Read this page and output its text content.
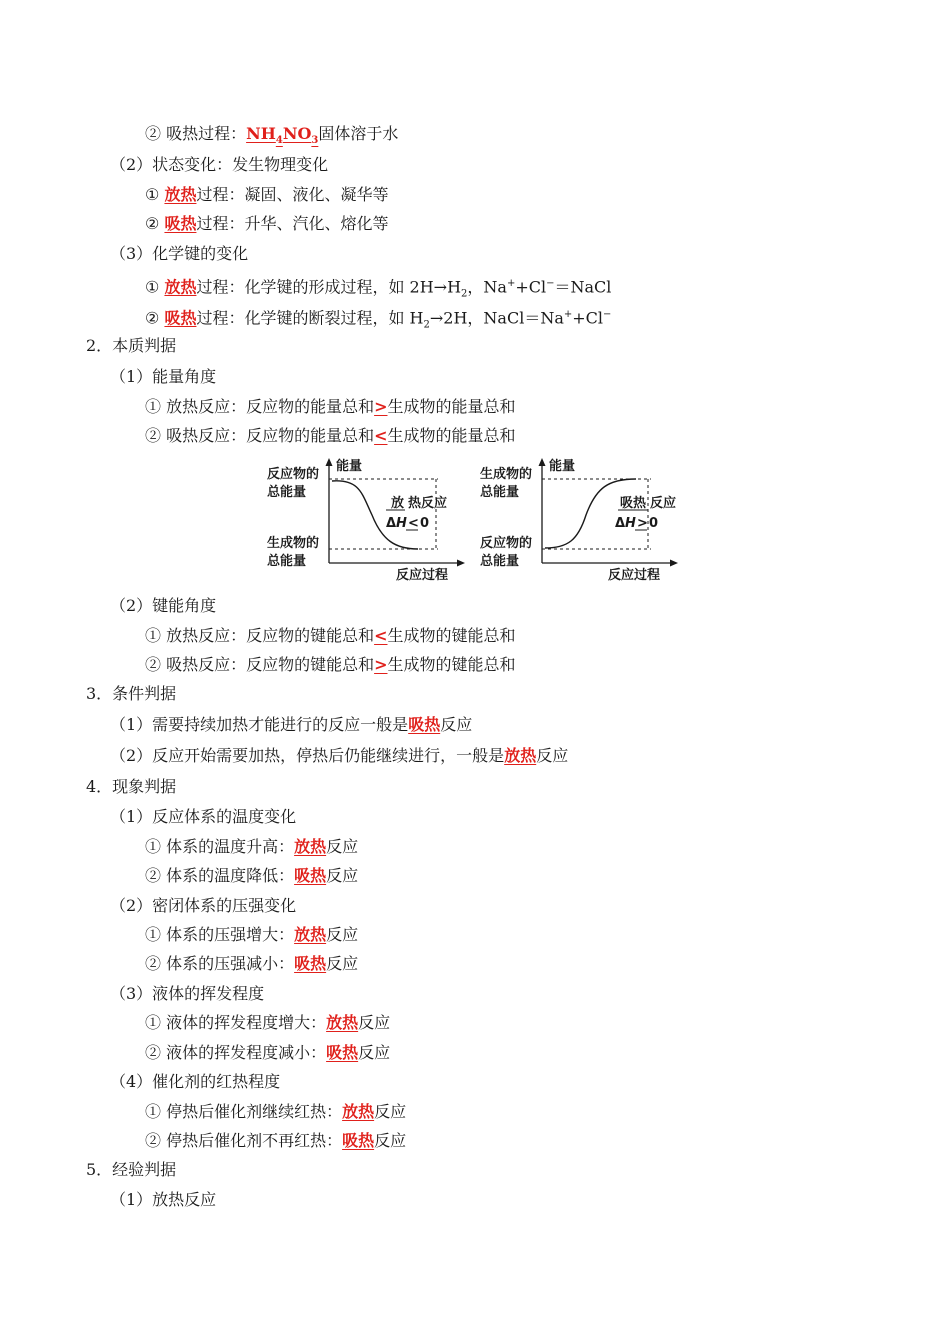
② 吸热过程：$NH_4NO_3$固体溶于水
（2）状态变化：发生物理变化
① 放热过程：凝固、液化、凝华等
② 吸热过程：升华、汽化、熔化等
（3）化学键的变化
① 放热过程：化学键的形成过程，如 $2H\to H_2$，Na++Cl−＝NaCl
② 吸热过程：化学键的断裂过程，如 $H_2\to 2H$，NaCl＝Na++Cl−
2．本质判据
（1）能量角度
① 放热反应：反应物的能量总和>生成物的能量总和
② 吸热反应：反应物的能量总和<生成物的能量总和
（2）键能角度
① 放热反应：反应物的键能总和<生成物的键能总和
② 吸热反应：反应物的键能总和>生成物的键能总和
3．条件判据
（1）需要持续加热才能进行的反应一般是吸热反应
（2）反应开始需要加热，停热后仍能继续进行，一般是放热反应
4．现象判据
（1）反应体系的温度变化
① 体系的温度升高：放热反应
② 体系的温度降低：吸热反应
（2）密闭体系的压强变化
① 体系的压强增大：放热反应
② 体系的压强减小：吸热反应
（3）液体的挥发程度
① 液体的挥发程度增大：放热反应
② 液体的挥发程度减小：吸热反应
（4）催化剂的红热程度
① 停热后催化剂继续红热：放热反应
② 停热后催化剂不再红热：吸热反应
5．经验判据
（1）放热反应
能量
反应过程
反应物的
总能量
生成物的
总能量
放 热反应
Δ H < 0
能量
反应过程
生成物的
总能量
反应物的
总能量
吸热 反应
Δ H > 0
